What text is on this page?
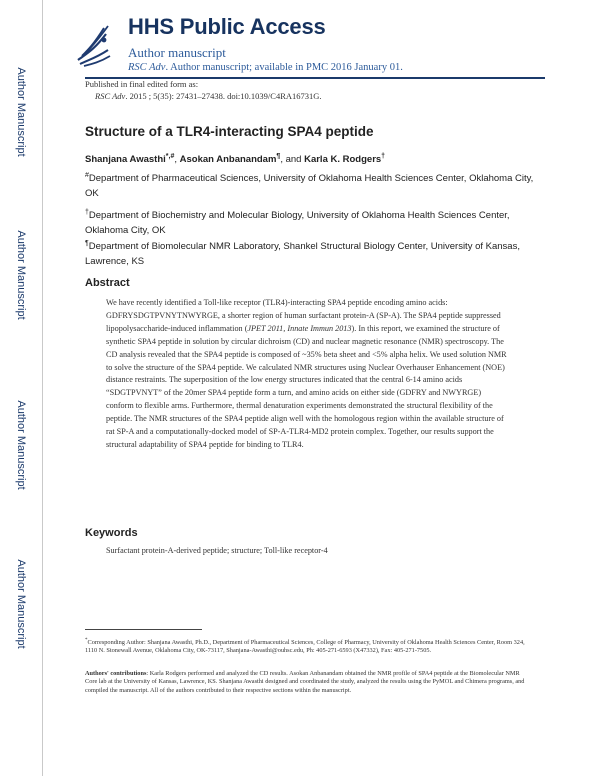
Author Manuscript
Author Manuscript
Author Manuscript
Author Manuscript
HHS Public Access
Author manuscript
RSC Adv. Author manuscript; available in PMC 2016 January 01.
Published in final edited form as:
RSC Adv. 2015 ; 5(35): 27431–27438. doi:10.1039/C4RA16731G.
Structure of a TLR4-interacting SPA4 peptide
Shanjana Awasthi*,#, Asokan Anbanandam¶, and Karla K. Rodgers†
#Department of Pharmaceutical Sciences, University of Oklahoma Health Sciences Center, Oklahoma City, OK
†Department of Biochemistry and Molecular Biology, University of Oklahoma Health Sciences Center, Oklahoma City, OK
¶Department of Biomolecular NMR Laboratory, Shankel Structural Biology Center, University of Kansas, Lawrence, KS
Abstract
We have recently identified a Toll-like receptor (TLR4)-interacting SPA4 peptide encoding amino acids: GDFRYSDGTPVNYTNWYRGE, a shorter region of human surfactant protein-A (SP-A). The SPA4 peptide suppressed lipopolysaccharide-induced inflammation (JPET 2011, Innate Immun 2013). In this report, we examined the structure of synthetic SPA4 peptide in solution by circular dichroism (CD) and nuclear magnetic resonance (NMR) spectroscopy. The CD analysis revealed that the SPA4 peptide is composed of ~35% beta sheet and <5% alpha helix. We used solution NMR to solve the structure of the SPA4 peptide. We calculated NMR structures using Nuclear Overhauser Enhancement (NOE) distance restraints. The superposition of the low energy structures indicated that the central 6-14 amino acids “SDGTPVNYT” of the 20mer SPA4 peptide form a turn, and amino acids on either side (GDFRY and NWYRGE) conform to flexible arms. Furthermore, thermal denaturation experiments demonstrated the structural flexibility of the peptide. The NMR structures of the SPA4 peptide align well with the homologous region within the available structure of rat SP-A and a computationally-docked model of SP-A-TLR4-MD2 protein complex. Together, our results support the structural adaptability of SPA4 peptide for binding to TLR4.
Keywords
Surfactant protein-A-derived peptide; structure; Toll-like receptor-4
*Corresponding Author: Shanjana Awasthi, Ph.D., Department of Pharmaceutical Sciences, College of Pharmacy, University of Oklahoma Health Sciences Center, Room 324, 1110 N. Stonewall Avenue, Oklahoma City, OK-73117, Shanjana-Awasthi@ouhsc.edu, Ph: 405-271-6593 (X47332), Fax: 405-271-7505.
Authors' contributions: Karla Rodgers performed and analyzed the CD results. Asokan Anbanandam obtained the NMR profile of SPA4 peptide at the Biomolecular NMR Core lab at the University of Kansas, Lawrence, KS. Shanjana Awasthi designed and coordinated the study, analyzed the results using the PyMOL and Chimera programs, and compiled the manuscript. All of the authors contributed to their respective sections within the manuscript.
